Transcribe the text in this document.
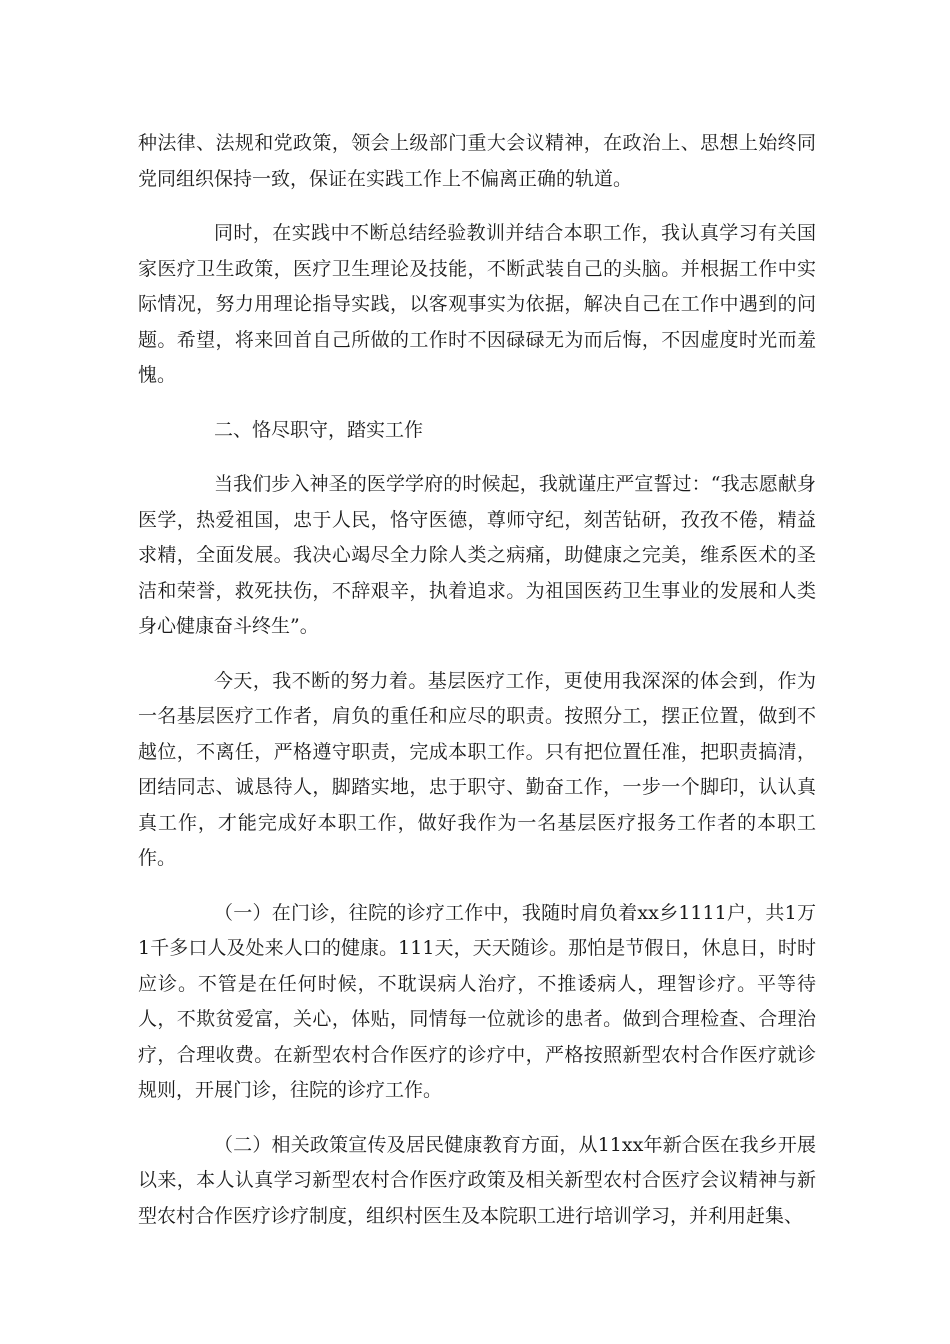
种法律、法规和党政策，领会上级部门重大会议精神，在政治上、思想上始终同党同组织保持一致，保证在实践工作上不偏离正确的轨道。

同时，在实践中不断总结经验教训并结合本职工作，我认真学习有关国家医疗卫生政策，医疗卫生理论及技能，不断武装自己的头脑。并根据工作中实际情况，努力用理论指导实践，以客观事实为依据，解决自己在工作中遇到的问题。希望，将来回首自己所做的工作时不因碌碌无为而后悔，不因虚度时光而羞愧。

二、恪尽职守，踏实工作

当我们步入神圣的医学学府的时候起，我就谨庄严宣誓过：“我志愿献身医学，热爱祖国，忠于人民，恪守医德，尊师守纪，刻苦钻研，孜孜不倦，精益求精，全面发展。我决心竭尽全力除人类之病痛，助健康之完美，维系医术的圣洁和荣誉，救死扶伤，不辞艰辛，执着追求。为祖国医药卫生事业的发展和人类身心健康奋斗终生”。

今天，我不断的努力着。基层医疗工作，更使用我深深的体会到，作为一名基层医疗工作者，肩负的重任和应尽的职责。按照分工，摆正位置，做到不越位，不离任，严格遵守职责，完成本职工作。只有把位置任准，把职责搞清，团结同志、诚恳待人，脚踏实地，忠于职守、勤奋工作，一步一个脚印，认认真真工作，才能完成好本职工作，做好我作为一名基层医疗报务工作者的本职工作。

（一）在门诊，往院的诊疗工作中，我随时肩负着xx乡1111户，共1万1千多口人及处来人口的健康。111天，天天随诊。那怕是节假日，休息日，时时应诊。不管是在任何时候，不耽误病人治疗，不推诿病人，理智诊疗。平等待人，不欺贫爱富，关心，体贴，同情每一位就诊的患者。做到合理检查、合理治疗，合理收费。在新型农村合作医疗的诊疗中，严格按照新型农村合作医疗就诊规则，开展门诊，往院的诊疗工作。

（二）相关政策宣传及居民健康教育方面，从11xx年新合医在我乡开展以来，本人认真学习新型农村合作医疗政策及相关新型农村合医疗会议精神与新型农村合作医疗诊疗制度，组织村医生及本院职工进行培训学习，并利用赶集、
